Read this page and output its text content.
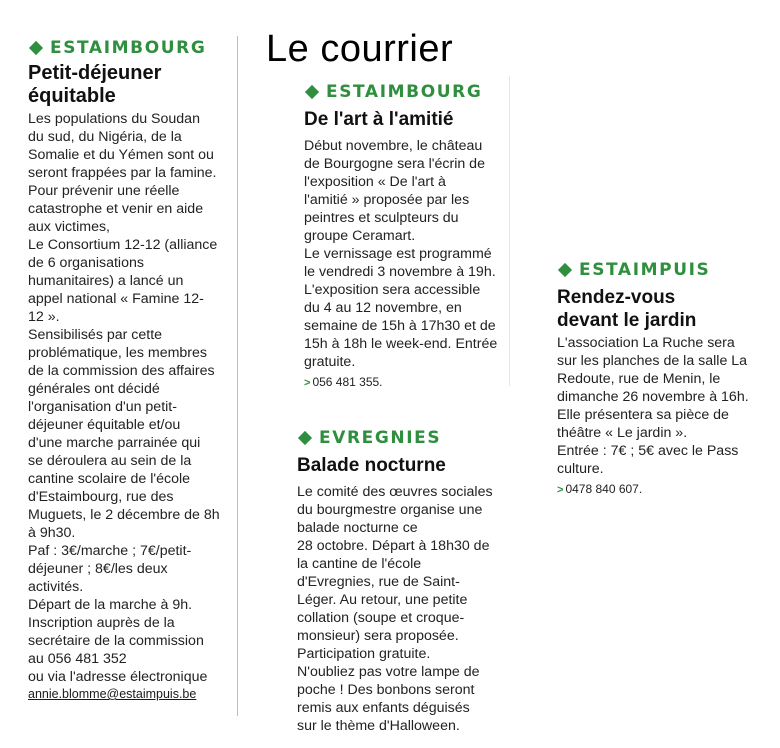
Le courrier
ESTAIMBOURG
Petit-déjeuner
équitable

Les populations du Soudan

du sud, du Nigéria, de la

Somalie et du Yémen sont ou

seront frappées par la famine.

Pour prévenir une réelle

catastrophe et venir en aide

aux victimes,

Le Consortium 12-12 (alliance

de 6 organisations

humanitaires) a lancé un

appel national « Famine 12-

12 ».

Sensibilisés par cette

problématique, les membres

de la commission des affaires

générales ont décidé

l'organisation d'un petit-

déjeuner équitable et/ou

d'une marche parrainée qui

se déroulera au sein de la

cantine scolaire de l'école

d'Estaimbourg, rue des

Muguets, le 2 décembre de 8h

à 9h30.

Paf : 3€/marche ; 7€/petit-

déjeuner ; 8€/les deux

activités.

Départ de la marche à 9h.

Inscription auprès de la

secrétaire de la commission

au 056 481 352

ou via l'adresse électronique

annie.blomme@estaimpuis.be
ESTAIMBOURG
De l'art à l'amitié

Début novembre, le château

de Bourgogne sera l'écrin de

l'exposition « De l'art à

l'amitié » proposée par les

peintres et sculpteurs du

groupe Ceramart.

Le vernissage est programmé

le vendredi 3 novembre à 19h.

L'exposition sera accessible

du 4 au 12 novembre, en

semaine de 15h à 17h30 et de

15h à 18h le week-end. Entrée

gratuite.

> 056 481 355.
EVREGNIES
Balade nocturne

Le comité des œuvres sociales

du bourgmestre organise une

balade nocturne ce

28 octobre. Départ à 18h30 de

la cantine de l'école

d'Evregnies, rue de Saint-

Léger. Au retour, une petite

collation (soupe et croque-

monsieur) sera proposée.

Participation gratuite.

N'oubliez pas votre lampe de

poche ! Des bonbons seront

remis aux enfants déguisés

sur le thème d'Halloween.

ESTAIMPUIS
Rendez-vous
devant le jardin

L'association La Ruche sera

sur les planches de la salle La

Redoute, rue de Menin, le

dimanche 26 novembre à 16h.

Elle présentera sa pièce de

théâtre « Le jardin ».

Entrée : 7€ ; 5€ avec le Pass

culture.

> 0478 840 607.
